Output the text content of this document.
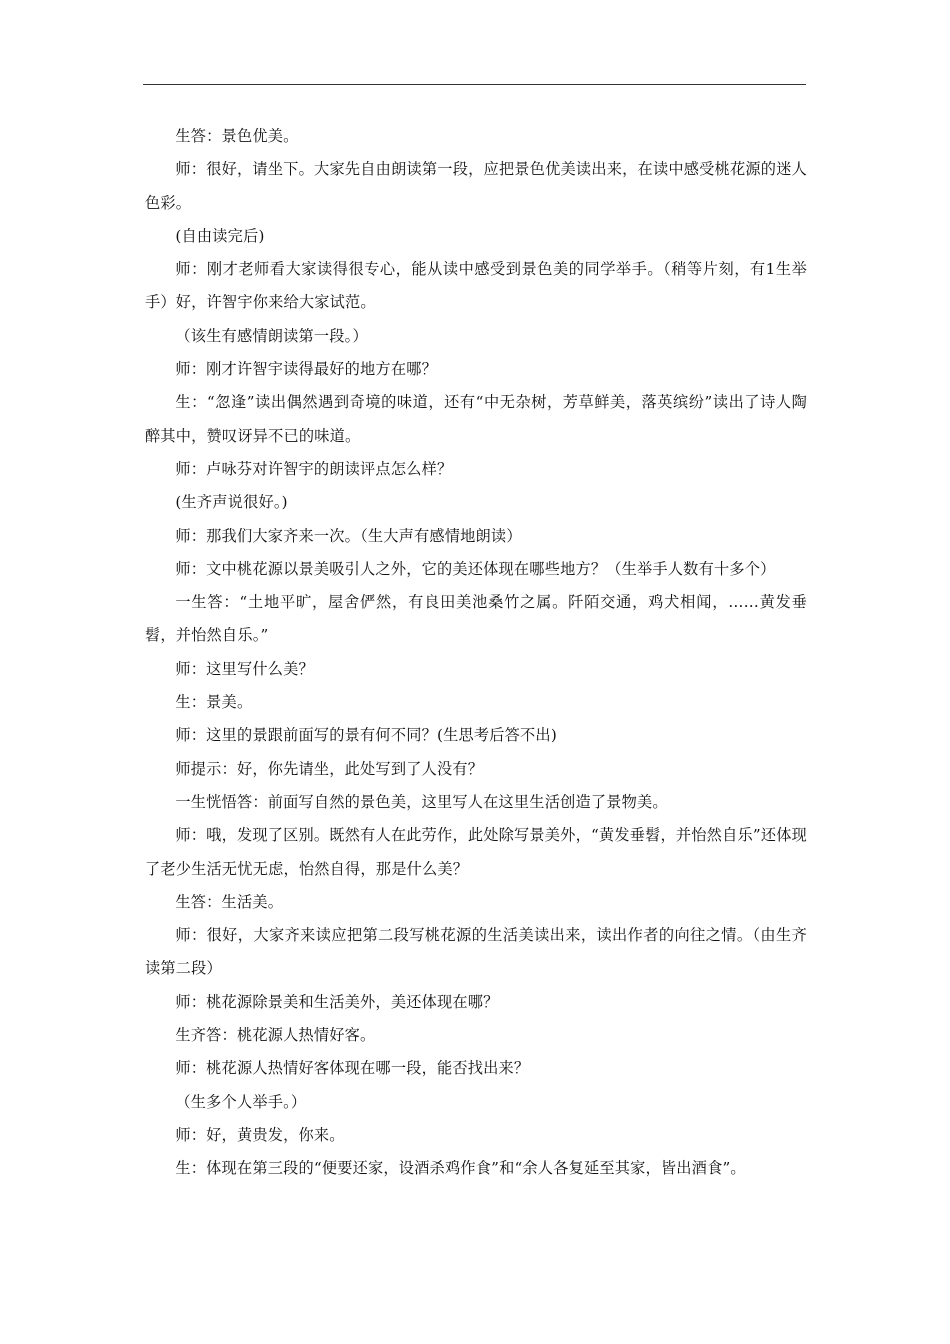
生答：景色优美。

师：很好，请坐下。大家先自由朗读第一段，应把景色优美读出来，在读中感受桃花源的迷人色彩。

(自由读完后)

师：刚才老师看大家读得很专心，能从读中感受到景色美的同学举手。（稍等片刻，有1生举手）好，许智宇你来给大家试范。

（该生有感情朗读第一段。）

师：刚才许智宇读得最好的地方在哪？

生：“忽逢”读出偶然遇到奇境的味道，还有“中无杂树，芳草鲜美，落英缤纷”读出了诗人陶醉其中，赞叹讶异不已的味道。

师：卢咏芬对许智宇的朗读评点怎么样？

(生齐声说很好。)

师：那我们大家齐来一次。（生大声有感情地朗读）

师：文中桃花源以景美吸引人之外，它的美还体现在哪些地方？（生举手人数有十多个）

一生答：“土地平旷，屋舍俨然，有良田美池桑竹之属。阡陌交通，鸡犬相闻，……黄发垂髫，并怡然自乐。”

师：这里写什么美？

生：景美。

师：这里的景跟前面写的景有何不同？(生思考后答不出)

师提示：好，你先请坐，此处写到了人没有？

一生恍悟答：前面写自然的景色美，这里写人在这里生活创造了景物美。

师：哦，发现了区别。既然有人在此劳作，此处除写景美外，“黄发垂髫，并怡然自乐”还体现了老少生活无忧无虑，怡然自得，那是什么美？

生答：生活美。

师：很好，大家齐来读应把第二段写桃花源的生活美读出来，读出作者的向往之情。（由生齐读第二段）

师：桃花源除景美和生活美外，美还体现在哪？

生齐答：桃花源人热情好客。

师：桃花源人热情好客体现在哪一段，能否找出来？

（生多个人举手。）

师：好，黄贵发，你来。

生：体现在第三段的“便要还家，设酒杀鸡作食”和“余人各复延至其家，皆出酒食”。
